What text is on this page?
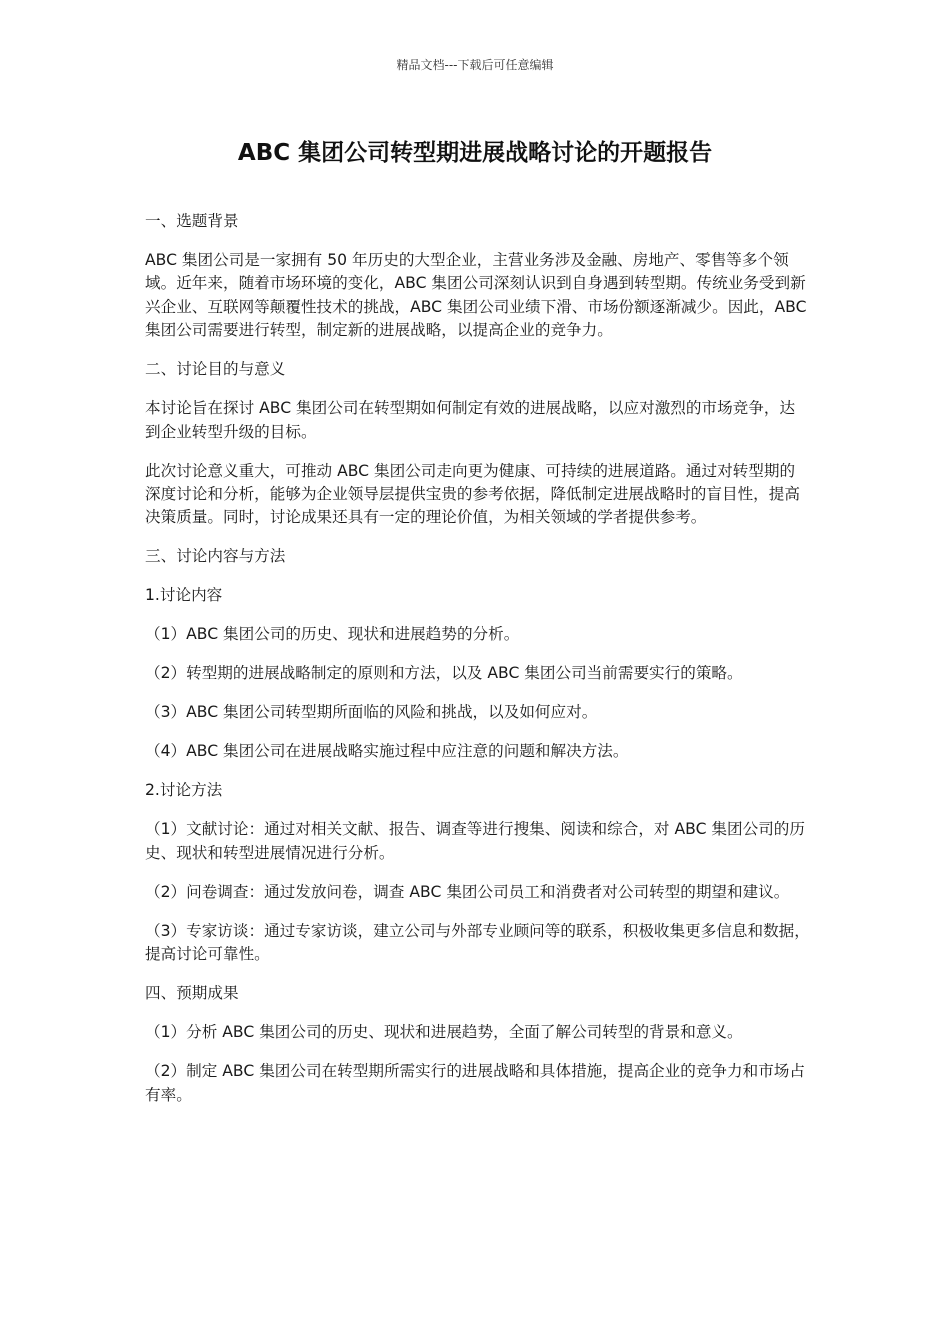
精品文档---下载后可任意编辑
ABC 集团公司转型期进展战略讨论的开题报告

一、选题背景

ABC 集团公司是一家拥有 50 年历史的大型企业，主营业务涉及金融、房地产、零售等多个领域。近年来，随着市场环境的变化，ABC 集团公司深刻认识到自身遇到转型期。传统业务受到新兴企业、互联网等颠覆性技术的挑战，ABC 集团公司业绩下滑、市场份额逐渐减少。因此，ABC 集团公司需要进行转型，制定新的进展战略，以提高企业的竞争力。

二、讨论目的与意义

本讨论旨在探讨 ABC 集团公司在转型期如何制定有效的进展战略，以应对激烈的市场竞争，达到企业转型升级的目标。

此次讨论意义重大，可推动 ABC 集团公司走向更为健康、可持续的进展道路。通过对转型期的深度讨论和分析，能够为企业领导层提供宝贵的参考依据，降低制定进展战略时的盲目性，提高决策质量。同时，讨论成果还具有一定的理论价值，为相关领域的学者提供参考。

三、讨论内容与方法

1.讨论内容

（1）ABC 集团公司的历史、现状和进展趋势的分析。

（2）转型期的进展战略制定的原则和方法，以及 ABC 集团公司当前需要实行的策略。

（3）ABC 集团公司转型期所面临的风险和挑战，以及如何应对。

（4）ABC 集团公司在进展战略实施过程中应注意的问题和解决方法。

2.讨论方法

（1）文献讨论：通过对相关文献、报告、调查等进行搜集、阅读和综合，对 ABC 集团公司的历史、现状和转型进展情况进行分析。

（2）问卷调查：通过发放问卷，调查 ABC 集团公司员工和消费者对公司转型的期望和建议。

（3）专家访谈：通过专家访谈，建立公司与外部专业顾问等的联系，积极收集更多信息和数据，提高讨论可靠性。

四、预期成果

（1）分析 ABC 集团公司的历史、现状和进展趋势，全面了解公司转型的背景和意义。

（2）制定 ABC 集团公司在转型期所需实行的进展战略和具体措施，提高企业的竞争力和市场占有率。
